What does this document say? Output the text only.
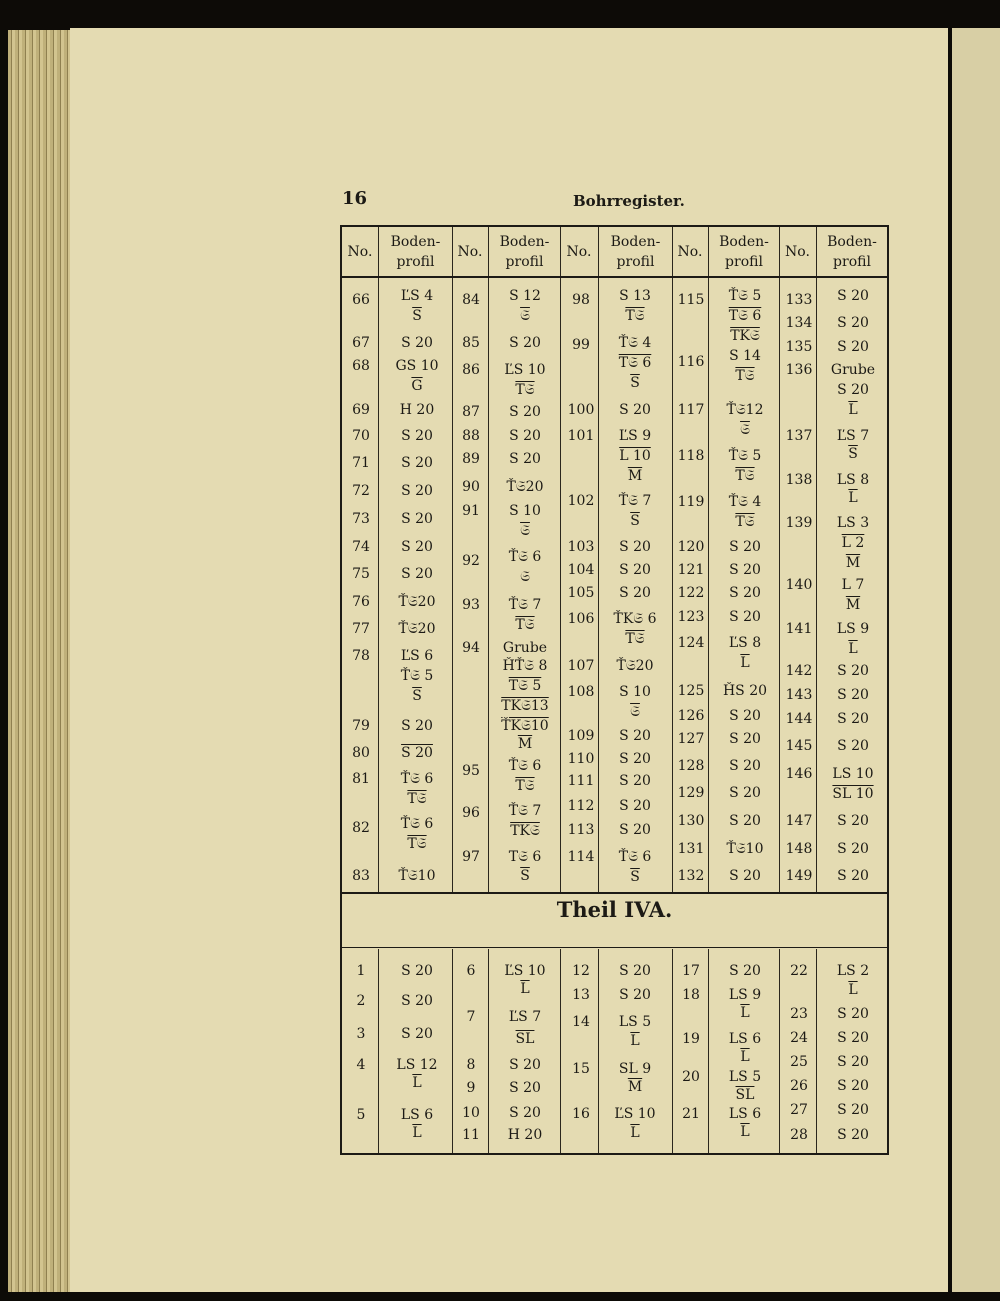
16	Bohrregister.
No.
Boden-profil
No.
Boden-profil
No.
Boden-profil
No.
Boden-profil
No.
Boden-profil
66
67
68
69
70
71
72
73
74
75
76
77
78
79
80
81
82
83
ĽS 4
$\overline{S}$
S 20
GS 10
$\overline{G}$
H 20
S 20
S 20
S 20
S 20
S 20
S 20
Ť𝔖20
Ť𝔖20
ĽS 6
Ť𝔖 5
$\overline{S}$
S 20
S 20
Ť𝔖 6
T𝔖
Ť𝔖 6
T𝔖
Ť𝔖10
84
85
86
87
88
89
90
91
92
93
94
95
96
97
S 12
𝔖
S 20
ĽS 10
T𝔖
S 20
S 20
S 20
Ť𝔖20
S 10
𝔖
Ť𝔖 6
𝔖
Ť𝔖 7
T𝔖
Grube
ȞŤ𝔖 8
T𝔖 5
TK𝔖13
ŤK𝔖10
$\overline{M}$
Ť𝔖 6
T𝔖
Ť𝔖 7
TK𝔖
T𝔖 6
$\overline{S}$
98
99
100
101
102
103
104
105
106
107
108
109
110
111
112
113
114
S 13
T𝔖
Ť𝔖 4
T𝔖 6
$\overline{S}$
S 20
ĽS 9
L 10
$\overline{M}$
Ť𝔖 7
$\overline{S}$
S 20
S 20
S 20
ŤK𝔖 6
T𝔖
Ť𝔖20
S 10
𝔖
S 20
S 20
S 20
S 20
S 20
Ť𝔖 6
$\overline{S}$
115
116
117
118
119
120
121
122
123
124
125
126
127
128
129
130
131
132
Ť𝔖 5
T𝔖 6
TK𝔖
S 14
T𝔖
Ť𝔖12
𝔖
Ť𝔖 5
T𝔖
Ť𝔖 4
T𝔖
S 20
S 20
S 20
S 20
ĽS 8
$\overline{L}$
ȞS 20
S 20
S 20
S 20
S 20
S 20
Ť𝔖10
S 20
133
134
135
136
137
138
139
140
141
142
143
144
145
146
147
148
149
S 20
S 20
S 20
Grube
S 20
$\overline{L}$
ĽS 7
$\overline{S}$
LS 8
$\overline{L}$
LS 3
L 2
$\overline{M}$
L 7
$\overline{M}$
LS 9
$\overline{L}$
S 20
S 20
S 20
S 20
LS 10
SL 10
S 20
S 20
S 20
Theil IVA.
1
2
3
4
5
S 20
S 20
S 20
LS 12
$\overline{L}$
LS 6
$\overline{L}$
6
7
8
9
10
11
ĽS 10
$\overline{L}$
ĽS 7
$\overline{SL}$
S 20
S 20
S 20
H 20
12
13
14
15
16
S 20
S 20
LS 5
$\overline{L}$
SL 9
$\overline{M}$
ĽS 10
$\overline{L}$
17
18
19
20
21
S 20
LS 9
$\overline{L}$
LS 6
$\overline{L}$
LS 5
$\overline{SL}$
LS 6
$\overline{L}$
22
23
24
25
26
27
28
LS 2
$\overline{L}$
S 20
S 20
S 20
S 20
S 20
S 20
